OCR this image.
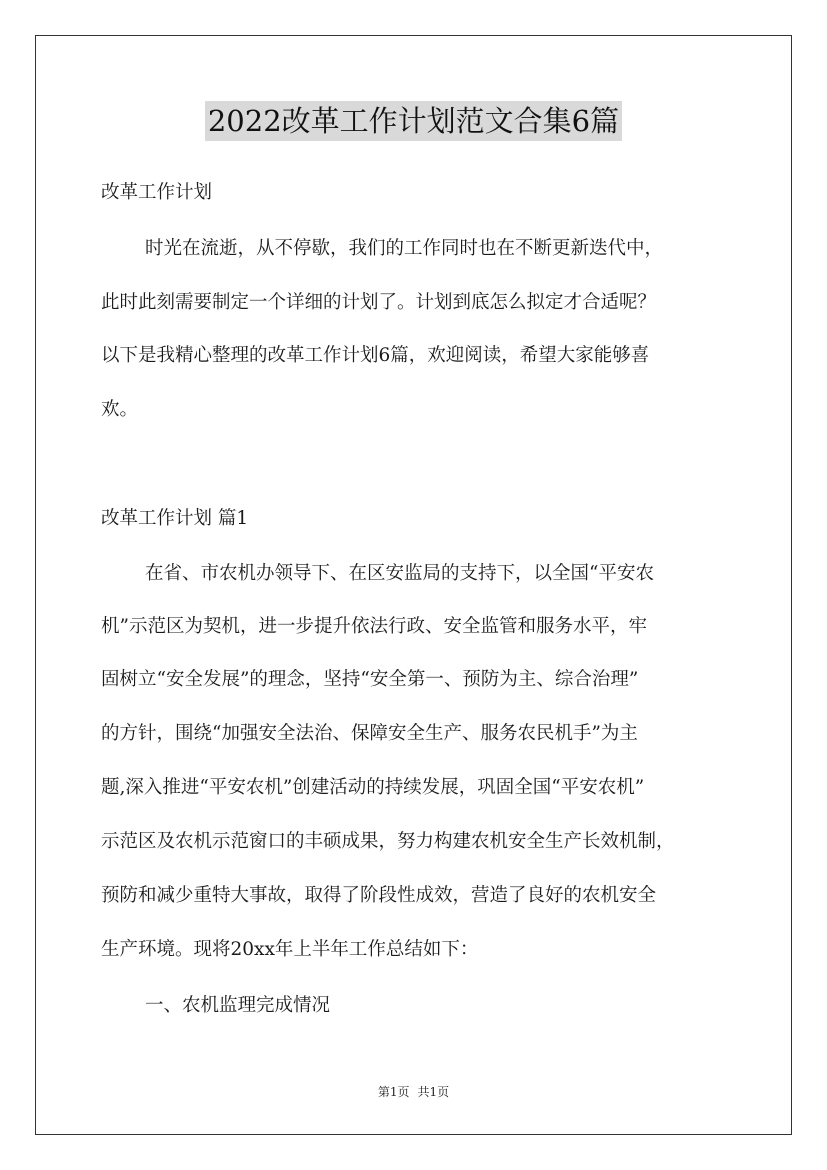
2022改革工作计划范文合集6篇
改革工作计划
时光在流逝，从不停歇，我们的工作同时也在不断更新迭代中，
此时此刻需要制定一个详细的计划了。计划到底怎么拟定才合适呢？
以下是我精心整理的改革工作计划6篇，欢迎阅读，希望大家能够喜
欢。
改革工作计划 篇1
在省、市农机办领导下、在区安监局的支持下，以全国“平安农
机”示范区为契机，进一步提升依法行政、安全监管和服务水平，牢
固树立“安全发展”的理念，坚持“安全第一、预防为主、综合治理”
的方针，围绕“加强安全法治、保障安全生产、服务农民机手”为主
题,深入推进“平安农机”创建活动的持续发展，巩固全国“平安农机”
示范区及农机示范窗口的丰硕成果，努力构建农机安全生产长效机制，
预防和减少重特大事故，取得了阶段性成效，营造了良好的农机安全
生产环境。现将20xx年上半年工作总结如下：
一、农机监理完成情况
第1页 共1页
